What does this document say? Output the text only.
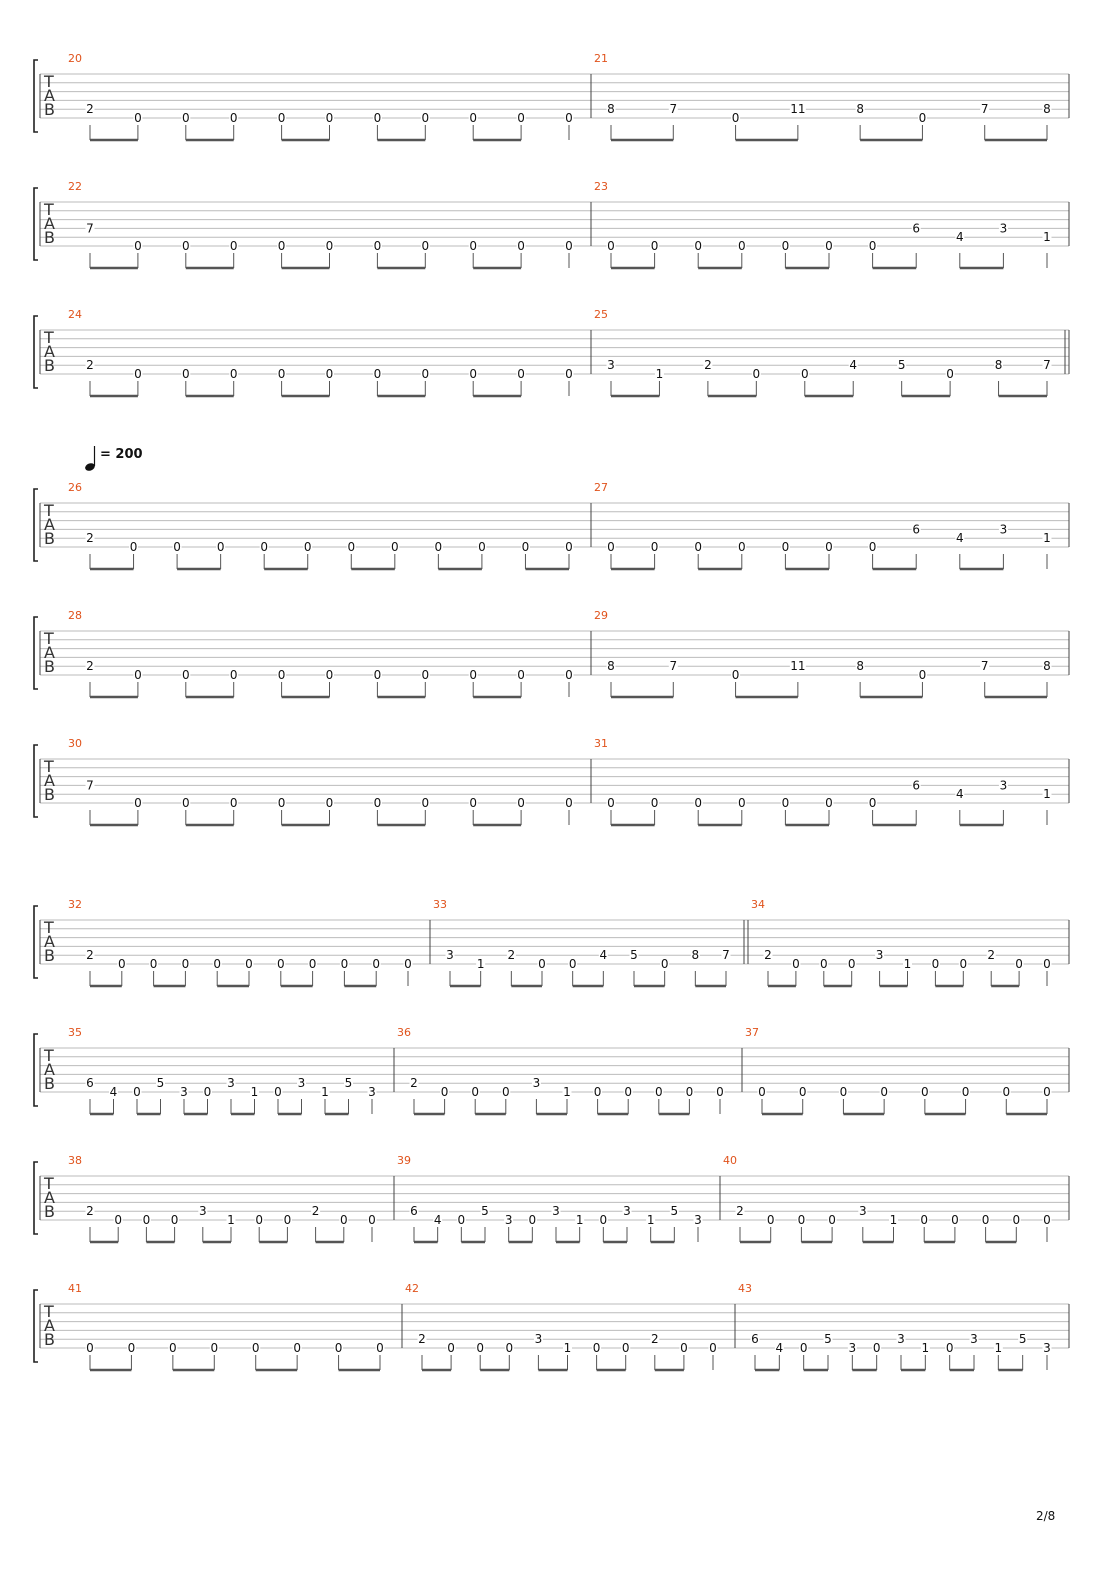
= 200
T
A
B
20
2
0	0	0	0	0	0	0	0	0	0
21
8	7
0
11	8
0
7	8
T
A
B
22
7
0	0	0	0	0	0	0	0	0	0
23
0	0	0	0	0	0	0
6
4
3
1
T
A
B
24
2
0	0	0	0	0	0	0	0	0	0
25
3
1
2
0	0
4	5
0
8	7
T
A
B
26
2
0	0	0	0	0	0	0	0	0	0	0
27
0	0	0	0	0	0	0
6
4
3
1
T
A
B
28
2
0	0	0	0	0	0	0	0	0	0
29
8	7
0
11	8
0
7	8
T
A
B
30
7
0	0	0	0	0	0	0	0	0	0
31
0	0	0	0	0	0	0
6
4
3
1
T
A
B
32
2
0 0 0 0 0 0 0 0 0 0
33
3
1
2
0 0
4 5
0
8 7
34
2
0 0 0
3
1 0 0
2
0 0
T
A
B
35
6
4 0
5
3 0
3
1 0
3
1
5
3
36
2
0 0 0
3
1 0 0 0 0 0
37
0	0	0	0	0	0	0	0
T
A
B
38
2
0 0 0
3
1 0 0
2
0 0
39
6
4 0
5
3 0
3
1 0
3
1
5
3
40
2
0 0 0
3
1 0 0 0 0 0
T
A
B
41
0	0	0	0	0	0	0	0
42
2
0 0 0
3
1 0 0
2
0 0
43
6
4 0
5
3 0
3
1 0
3
1
5
3
2/8
